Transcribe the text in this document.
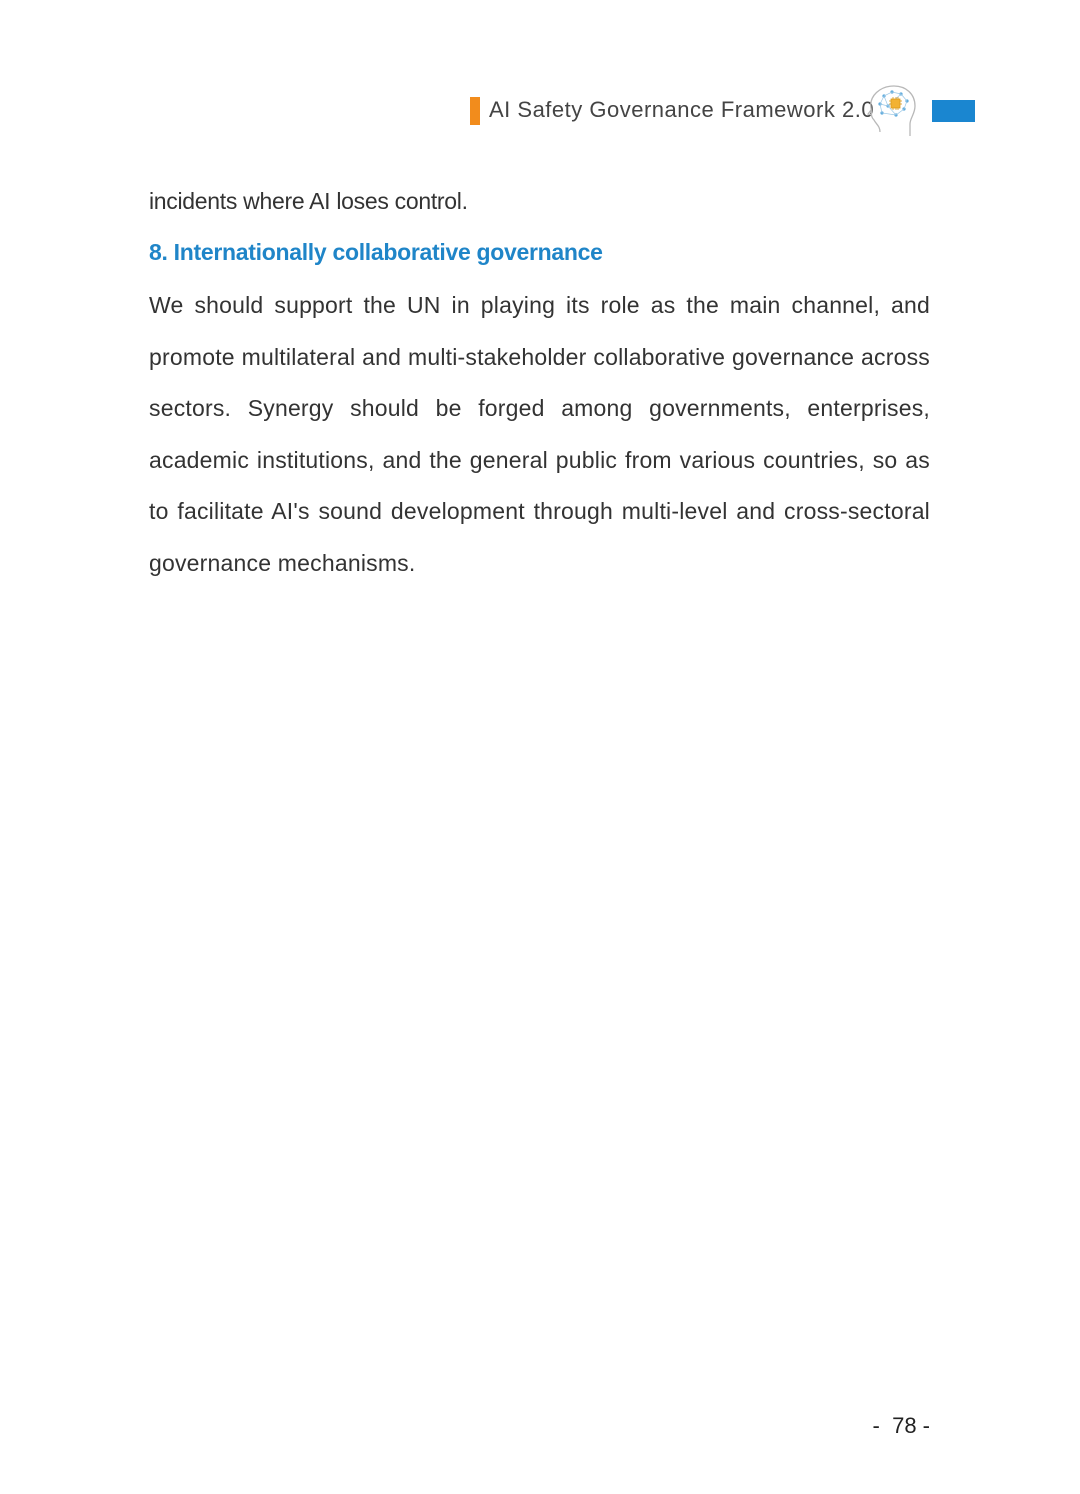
AI Safety Governance Framework 2.0

incidents where AI loses control.

8. Internationally collaborative governance

We should support the UN in playing its role as the main channel, and promote multilateral and multi-stakeholder collaborative governance across sectors. Synergy should be forged among governments, enterprises, academic institutions, and the general public from various countries, so as to facilitate AI's sound development through multi-level and cross-sectoral governance mechanisms.

-  78 -
